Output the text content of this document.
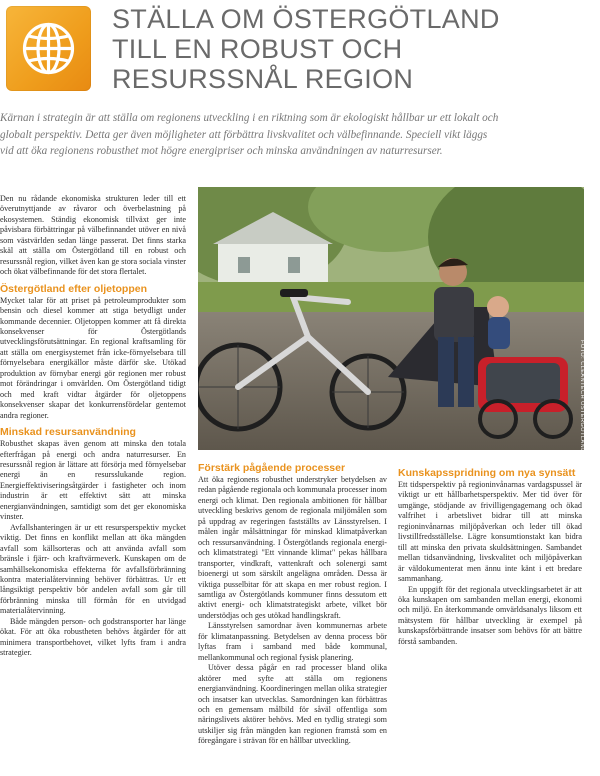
STÄLLA OM ÖSTERGÖTLAND
TILL EN ROBUST OCH
RESURSSNÅL REGION
Kärnan i strategin är att ställa om regionens utveckling i en riktning som är ekologiskt hållbar ur ett lokalt och globalt perspektiv. Detta ger även möjligheter att förbättra livskvalitet och välbefinnande. Speciell vikt läggs vid att öka regionens robusthet mot högre energipriser och minska användningen av naturresurser.

Den nu rådande ekonomiska strukturen leder till ett överutnyttjande av råvaror och överbelastning på ekosystemen. Ständig ekonomisk tillväxt ger inte påvisbara förbättringar på välbefinnandet utöver en nivå som västvärlden sedan länge passerat. Det finns starka skäl att ställa om Östergötland till en robust och resurssnål region, vilket även kan ge stora sociala vinster och ökat välbefinnande för det stora flertalet.

Östergötland efter oljetoppen

Mycket talar för att priset på petroleumprodukter som bensin och diesel kommer att stiga betydligt under kommande decennier. Oljetoppen kommer att få direkta konsekvenser för Östergötlands utvecklingsförutsättningar. En regional kraftsamling för att ställa om energisystemet från icke-förnyelsebara till förnyelsebara energikällor måste därför ske. Utökad produktion av förnybar energi gör regionen mer robust mot förändringar i omvärlden. Om Östergötland tidigt och med kraft vidtar åtgärder för oljetoppens konsekvenser skapar det konkurrensfördelar gentemot andra regioner.

Minskad resursanvändning

Robusthet skapas även genom att minska den totala efterfrågan på energi och andra naturresurser. En resurssnål region är lättare att försörja med förnyelsebar energi än en resursslukande region. Energieffektiviseringsåtgärder i fastigheter och inom industrin är ett effektivt sätt att minska energianvändningen, samtidigt som det ger ekonomiska vinster.

Avfallshanteringen är ur ett resursperspektiv mycket viktig. Det finns en konflikt mellan att öka mängden avfall som källsorteras och att använda avfall som bränsle i fjärr- och kraftvärmeverk. Kunskapen om de samhällsekonomiska effekterna för avfallsförbränning kontra materialåtervinning behöver förbättras. Ur ett långsiktigt perspektiv bör andelen avfall som går till förbränning minska till förmån för en utvidgad materialåtervinning.

Både mängden person- och godstransporter har länge ökat. För att öka robustheten behövs åtgärder för att minimera transportbehovet, vilket lyfts fram i andra strategier.

FOTO: CLEANTECH ÖSTERGÖTLAND
Förstärk pågående processer

Att öka regionens robusthet understryker betydelsen av redan pågående regionala och kommunala processer inom energi och klimat. Den regionala ambitionen för hållbar utveckling beskrivs genom de regionala miljömålen som på uppdrag av regeringen fastställts av Länsstyrelsen. I målen ingår målsättningar för minskad klimatpåverkan och ressursanvändning. I Östergötlands regionala energi- och klimatstrategi "Ett vinnande klimat" pekas hållbara transporter, vindkraft, vattenkraft och solenergi samt bioenergi ut som särskilt angelägna områden. Dessa är viktiga pusselbitar för att skapa en mer robust region. I samtliga av Östergötlands kommuner finns dessutom ett aktivt energi- och klimatstrategiskt arbete, vilket bör understödjas och ges utökad handlingskraft.

Länsstyrelsen samordnar även kommunernas arbete för klimatanpassning. Betydelsen av denna process bör lyftas fram i samband med både kommunal, mellankommunal och regional fysisk planering.

Utöver dessa pågår en rad processer bland olika aktörer med syfte att ställa om regionens energianvändning. Koordineringen mellan olika strategier och insatser kan utvecklas. Samordningen kan förbättras och en gemensam målbild för såväl offentliga som näringslivets aktörer behövs. Med en tydlig strategi som utskiljer sig från mängden kan regionen framstå som en föregångare i strävan för en hållbar utveckling.

Kunskapsspridning om nya synsätt

Ett tidsperspektiv på regioninvånarnas vardagspussel är viktigt ur ett hållbarhetsperspektiv. Mer tid över för umgänge, stödjande av frivilligengagemang och ökad valfrihet i arbetslivet bidrar till att minska regioninvånarnas miljöpåverkan och leder till ökad livstillfredsställelse. Lägre konsumtionstakt kan bidra till att minska den privata skuldsättningen. Sambandet mellan tidsanvändning, livskvalitet och miljöpåverkan är väldokumenterat men ännu inte känt i ett bredare sammanhang.

En uppgift för det regionala utvecklingsarbetet är att öka kunskapen om sambanden mellan energi, ekonomi och miljö. En återkommande omvärldsanalys liksom ett mätsystem för hållbar utveckling är exempel på kunskapsförbättrande insatser som behövs för att bättre förstå sambanden.
